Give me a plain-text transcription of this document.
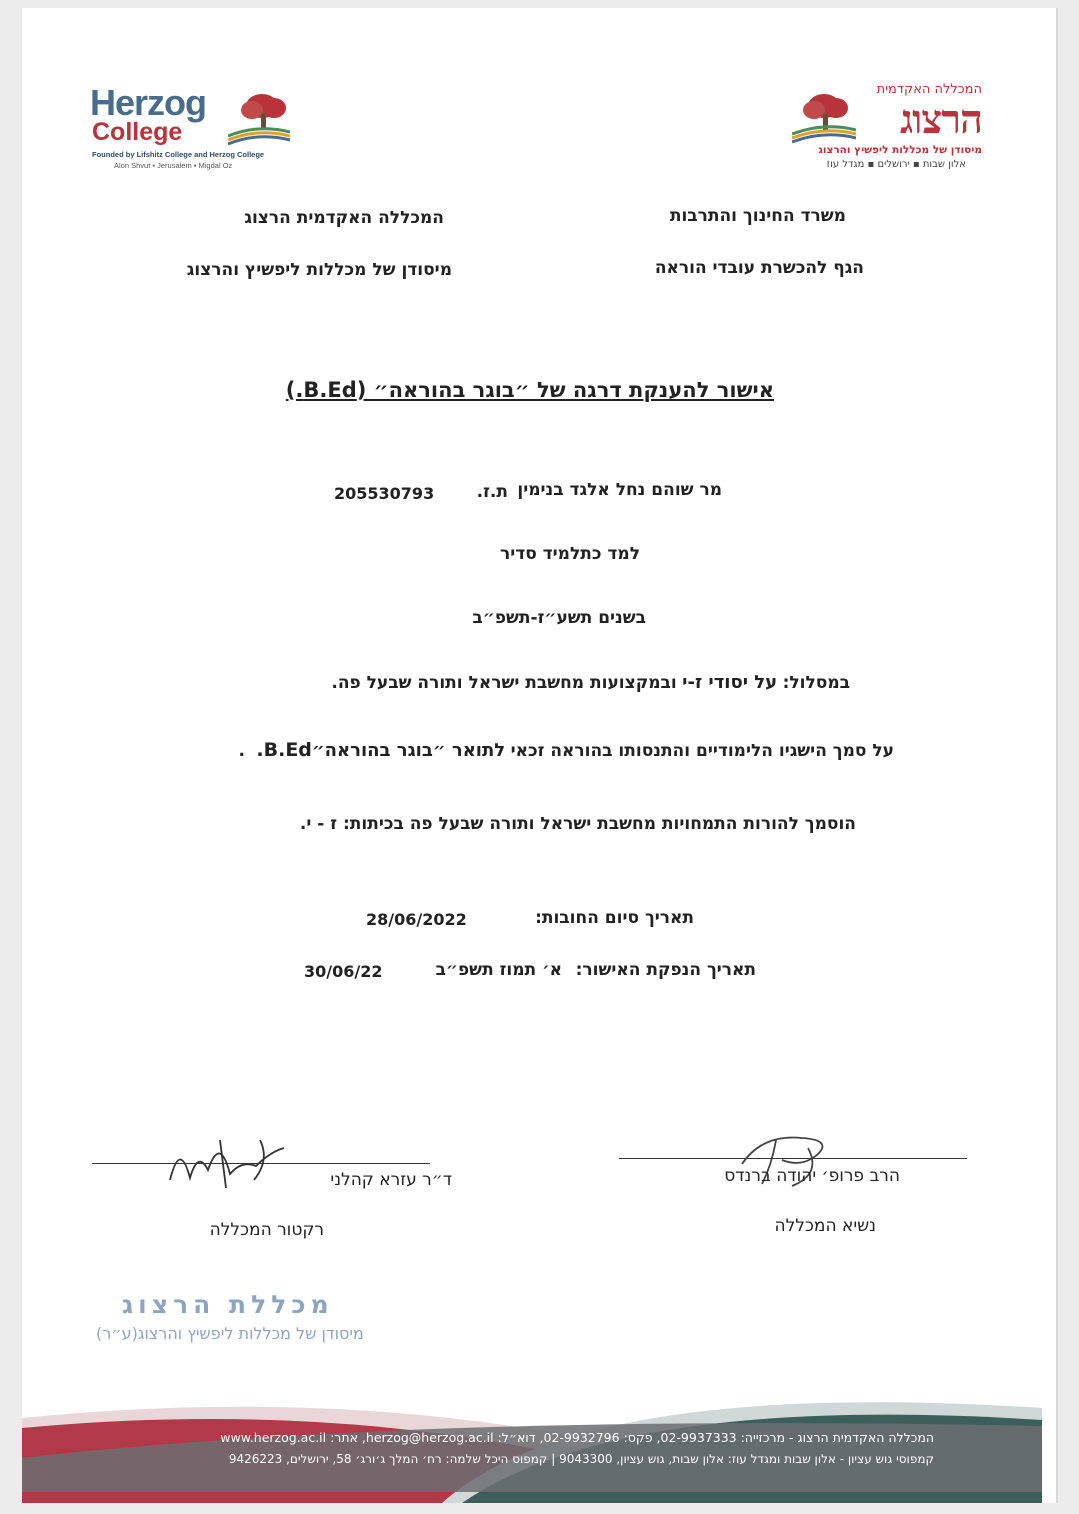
Herzog
College
Founded by Lifshitz College and Herzog College
Alon Shvut ▪ Jerusalem ▪ Migdal Oz
המכללה האקדמית
הרצוג
מיסודן של מכללות ליפשיץ והרצוג
אלון שבות ▪ ירושלים ▪ מגדל עוז
משרד החינוך והתרבות
הגף להכשרת עובדי הוראה
המכללה האקדמית הרצוג
מיסודן של מכללות ליפשיץ והרצוג
אישור להענקת דרגה של ״בוגר בהוראה״ (B.Ed.)
מר שוהם נחל אלגד בנימין
ת.ז.
205530793
למד כתלמיד סדיר
בשנים תשע״ז-תשפ״ב
במסלול: על יסודי ז-י ובמקצועות מחשבת ישראל ותורה שבעל פה.
על סמך הישגיו הלימודיים והתנסותו בהוראה זכאי לתואר ״בוגר בהוראה״B.Ed. .
הוסמך להורות התמחויות מחשבת ישראל ותורה שבעל פה בכיתות: ז - י.
תאריך סיום החובות:
28/06/2022
תאריך הנפקת האישור:
א׳ תמוז תשפ״ב
30/06/22
ד״ר עזרא קהלני
רקטור המכללה
הרב פרופ׳ יהודה ברנדס
נשיא המכללה
מכללת הרצוג
מיסודן של מכללות ליפשיץ והרצוג(ע״ר)
המכללה האקדמית הרצוג - מרכזייה: 02-9937333, פקס: 02-9932796, דוא״ל: herzog@herzog.ac.il, אתר: www.herzog.ac.il
קמפוסי גוש עציון - אלון שבות ומגדל עוז: אלון שבות, גוש עציון, 9043300 | קמפוס היכל שלמה: רח׳ המלך ג׳ורג׳ 58, ירושלים, 9426223
